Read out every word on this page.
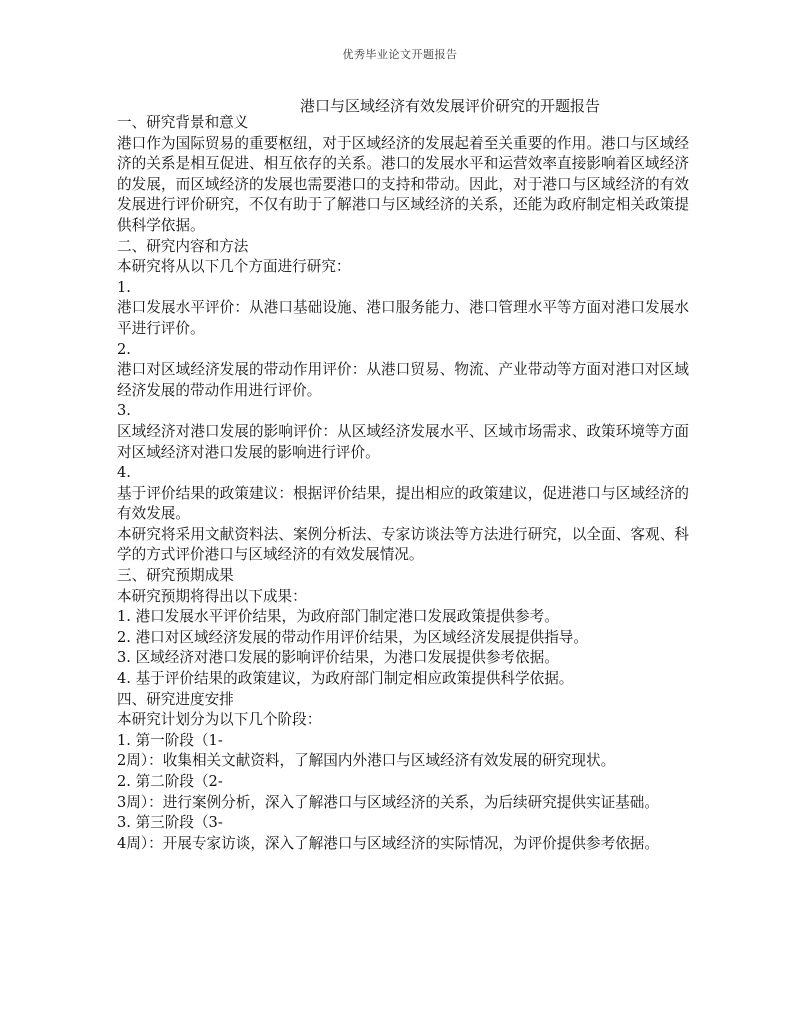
优秀毕业论文开题报告
港口与区域经济有效发展评价研究的开题报告

一、研究背景和意义

港口作为国际贸易的重要枢纽，对于区域经济的发展起着至关重要的作用。港口与区域经济的关系是相互促进、相互依存的关系。港口的发展水平和运营效率直接影响着区域经济的发展，而区域经济的发展也需要港口的支持和带动。因此，对于港口与区域经济的有效发展进行评价研究，不仅有助于了解港口与区域经济的关系，还能为政府制定相关政策提供科学依据。

二、研究内容和方法

本研究将从以下几个方面进行研究：

1.

港口发展水平评价：从港口基础设施、港口服务能力、港口管理水平等方面对港口发展水平进行评价。

2.

港口对区域经济发展的带动作用评价：从港口贸易、物流、产业带动等方面对港口对区域经济发展的带动作用进行评价。

3.

区域经济对港口发展的影响评价：从区域经济发展水平、区域市场需求、政策环境等方面对区域经济对港口发展的影响进行评价。

4.

基于评价结果的政策建议：根据评价结果，提出相应的政策建议，促进港口与区域经济的有效发展。

本研究将采用文献资料法、案例分析法、专家访谈法等方法进行研究，以全面、客观、科学的方式评价港口与区域经济的有效发展情况。

三、研究预期成果

本研究预期将得出以下成果：

1. 港口发展水平评价结果，为政府部门制定港口发展政策提供参考。

2. 港口对区域经济发展的带动作用评价结果，为区域经济发展提供指导。

3. 区域经济对港口发展的影响评价结果，为港口发展提供参考依据。

4. 基于评价结果的政策建议，为政府部门制定相应政策提供科学依据。

四、研究进度安排

本研究计划分为以下几个阶段：

1. 第一阶段（1-

2周）：收集相关文献资料，了解国内外港口与区域经济有效发展的研究现状。

2. 第二阶段（2-

3周）：进行案例分析，深入了解港口与区域经济的关系，为后续研究提供实证基础。

3. 第三阶段（3-

4周）：开展专家访谈，深入了解港口与区域经济的实际情况，为评价提供参考依据。
